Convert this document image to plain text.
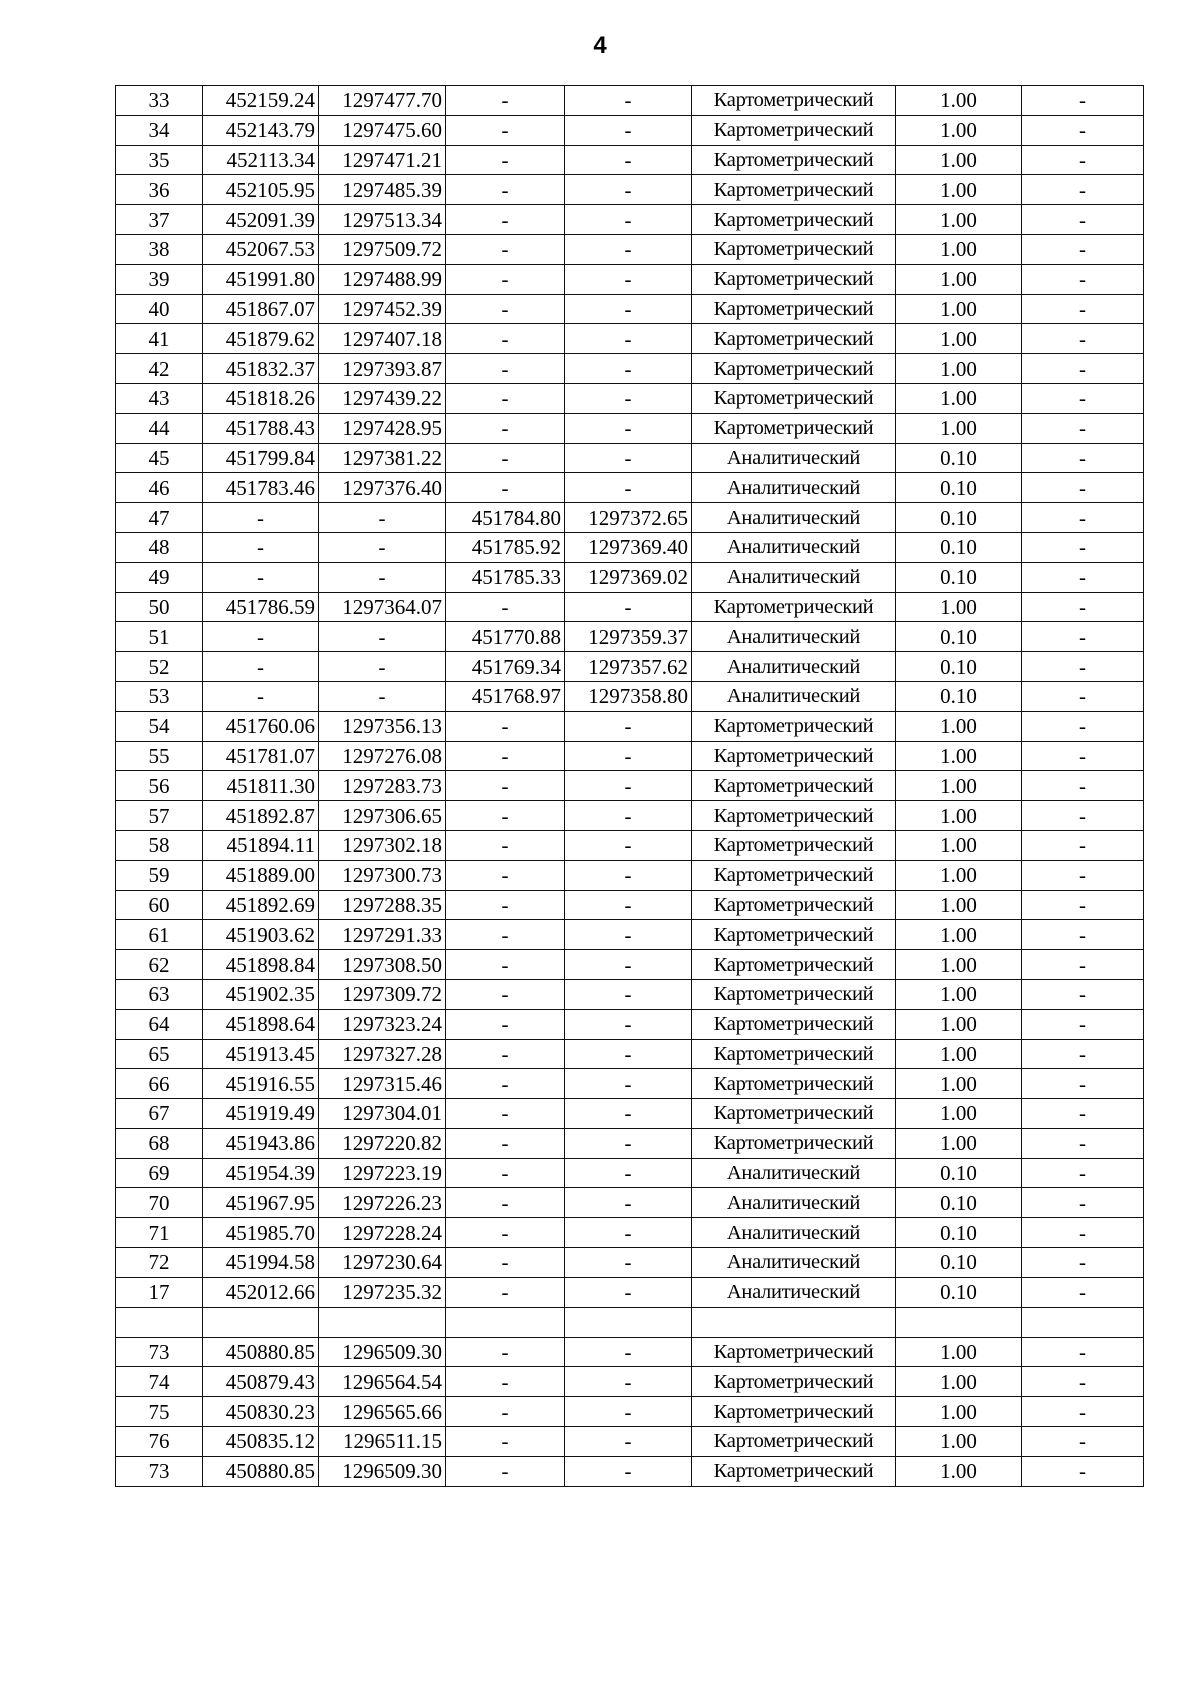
4
33	452159.24	1297477.70	-	-	Картометрический	1.00	-
34	452143.79	1297475.60	-	-	Картометрический	1.00	-
35	452113.34	1297471.21	-	-	Картометрический	1.00	-
36	452105.95	1297485.39	-	-	Картометрический	1.00	-
37	452091.39	1297513.34	-	-	Картометрический	1.00	-
38	452067.53	1297509.72	-	-	Картометрический	1.00	-
39	451991.80	1297488.99	-	-	Картометрический	1.00	-
40	451867.07	1297452.39	-	-	Картометрический	1.00	-
41	451879.62	1297407.18	-	-	Картометрический	1.00	-
42	451832.37	1297393.87	-	-	Картометрический	1.00	-
43	451818.26	1297439.22	-	-	Картометрический	1.00	-
44	451788.43	1297428.95	-	-	Картометрический	1.00	-
45	451799.84	1297381.22	-	-	Аналитический	0.10	-
46	451783.46	1297376.40	-	-	Аналитический	0.10	-
47	-	-	451784.80	1297372.65	Аналитический	0.10	-
48	-	-	451785.92	1297369.40	Аналитический	0.10	-
49	-	-	451785.33	1297369.02	Аналитический	0.10	-
50	451786.59	1297364.07	-	-	Картометрический	1.00	-
51	-	-	451770.88	1297359.37	Аналитический	0.10	-
52	-	-	451769.34	1297357.62	Аналитический	0.10	-
53	-	-	451768.97	1297358.80	Аналитический	0.10	-
54	451760.06	1297356.13	-	-	Картометрический	1.00	-
55	451781.07	1297276.08	-	-	Картометрический	1.00	-
56	451811.30	1297283.73	-	-	Картометрический	1.00	-
57	451892.87	1297306.65	-	-	Картометрический	1.00	-
58	451894.11	1297302.18	-	-	Картометрический	1.00	-
59	451889.00	1297300.73	-	-	Картометрический	1.00	-
60	451892.69	1297288.35	-	-	Картометрический	1.00	-
61	451903.62	1297291.33	-	-	Картометрический	1.00	-
62	451898.84	1297308.50	-	-	Картометрический	1.00	-
63	451902.35	1297309.72	-	-	Картометрический	1.00	-
64	451898.64	1297323.24	-	-	Картометрический	1.00	-
65	451913.45	1297327.28	-	-	Картометрический	1.00	-
66	451916.55	1297315.46	-	-	Картометрический	1.00	-
67	451919.49	1297304.01	-	-	Картометрический	1.00	-
68	451943.86	1297220.82	-	-	Картометрический	1.00	-
69	451954.39	1297223.19	-	-	Аналитический	0.10	-
70	451967.95	1297226.23	-	-	Аналитический	0.10	-
71	451985.70	1297228.24	-	-	Аналитический	0.10	-
72	451994.58	1297230.64	-	-	Аналитический	0.10	-
17	452012.66	1297235.32	-	-	Аналитический	0.10	-

73	450880.85	1296509.30	-	-	Картометрический	1.00	-
74	450879.43	1296564.54	-	-	Картометрический	1.00	-
75	450830.23	1296565.66	-	-	Картометрический	1.00	-
76	450835.12	1296511.15	-	-	Картометрический	1.00	-
73	450880.85	1296509.30	-	-	Картометрический	1.00	-
